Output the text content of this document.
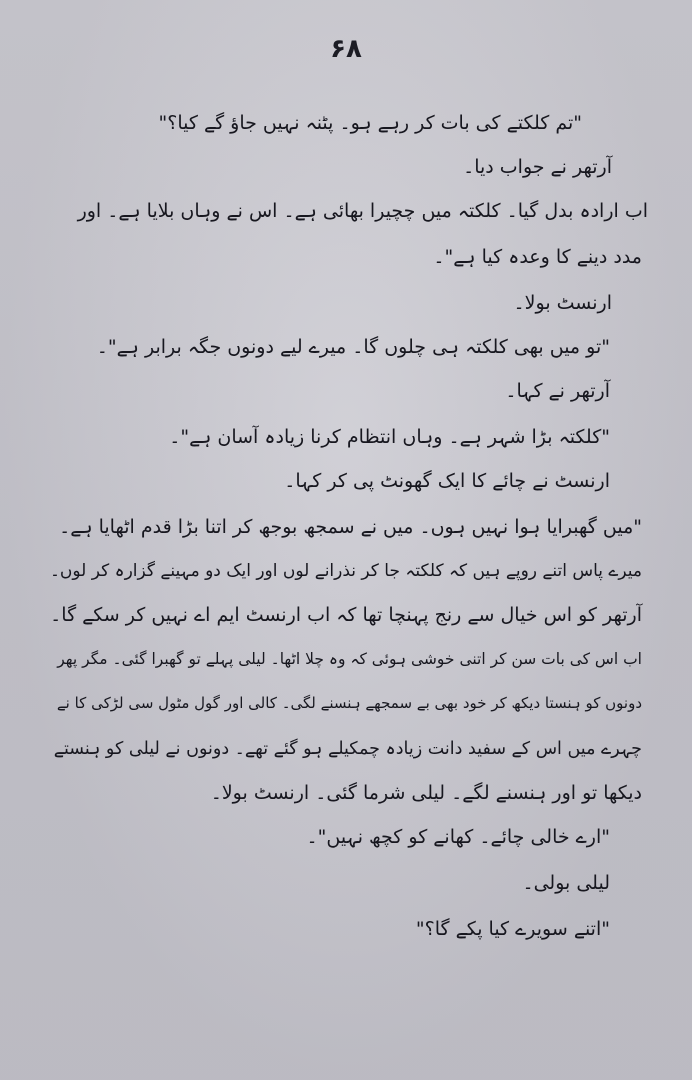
۶۸
"تم کلکتے کی بات کر رہے ہو۔ پٹنہ نہیں جاؤ گے کیا؟"
آرتھر نے جواب دیا۔
اب ارادہ بدل گیا۔ کلکتہ میں چچیرا بھائی ہے۔ اس نے وہاں بلایا ہے۔ اور
مدد دینے کا وعدہ کیا ہے"۔
ارنسٹ بولا۔
"تو میں بھی کلکتہ ہی چلوں گا۔ میرے لیے دونوں جگہ برابر ہے"۔
آرتھر نے کہا۔
"کلکتہ بڑا شہر ہے۔ وہاں انتظام کرنا زیادہ آسان ہے"۔
ارنسٹ نے چائے کا ایک گھونٹ پی کر کہا۔
"میں گھبرایا ہوا نہیں ہوں۔ میں نے سمجھ بوجھ کر اتنا بڑا قدم اٹھایا ہے۔
میرے پاس اتنے روپے ہیں کہ کلکتہ جا کر نذرانے لوں اور ایک دو مہینے گزارہ کر لوں۔
آرتھر کو اس خیال سے رنج پہنچا تھا کہ اب ارنسٹ ایم اے نہیں کر سکے گا۔
اب اس کی بات سن کر اتنی خوشی ہوئی کہ وہ چلا اٹھا۔ لیلی پہلے تو گھبرا گئی۔ مگر پھر
دونوں کو ہنستا دیکھ کر خود بھی بے سمجھے ہنسنے لگی۔ کالی اور گول مٹول سی لڑکی کا نے
چہرے میں اس کے سفید دانت زیادہ چمکیلے ہو گئے تھے۔ دونوں نے لیلی کو ہنستے
دیکھا تو اور ہنسنے لگے۔ لیلی شرما گئی۔ ارنسٹ بولا۔
"ارے خالی چائے۔ کھانے کو کچھ نہیں"۔
لیلی بولی۔
"اتنے سویرے کیا پکے گا؟"
